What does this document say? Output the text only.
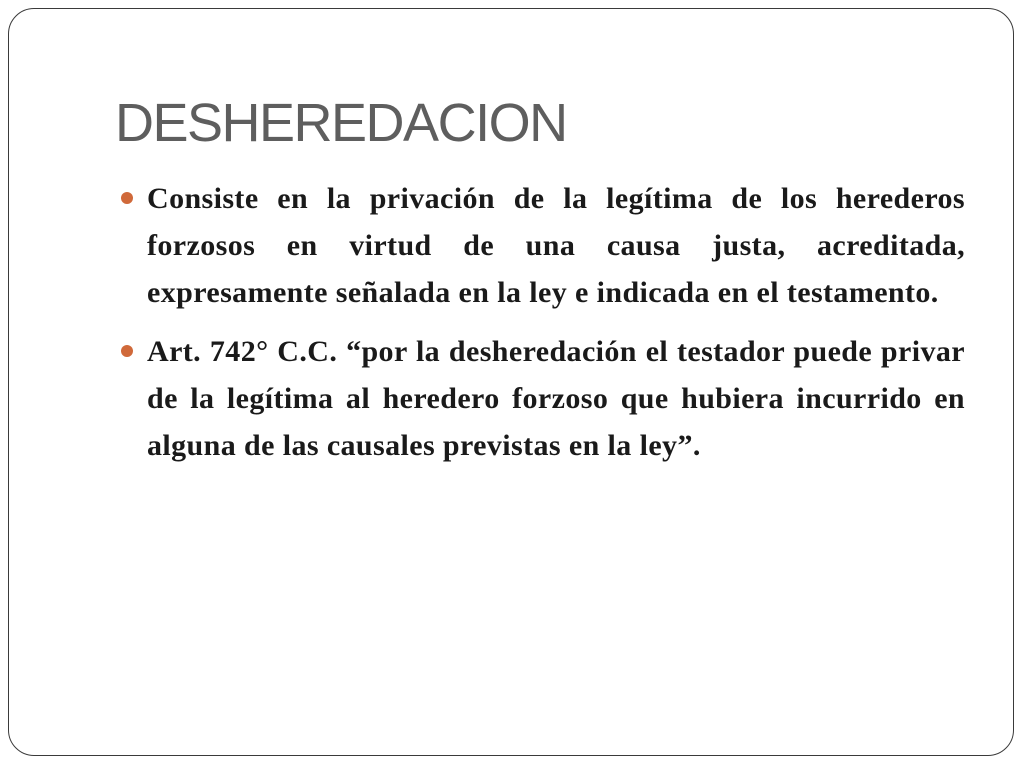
DESHEREDACION
Consiste en la privación de la legítima de los herederos forzosos en virtud de una causa justa, acreditada, expresamente señalada en la ley e indicada en el testamento.
Art. 742° C.C. “por la desheredación el testador puede privar de la legítima al heredero forzoso que hubiera incurrido en alguna de las causales previstas en la ley”.
